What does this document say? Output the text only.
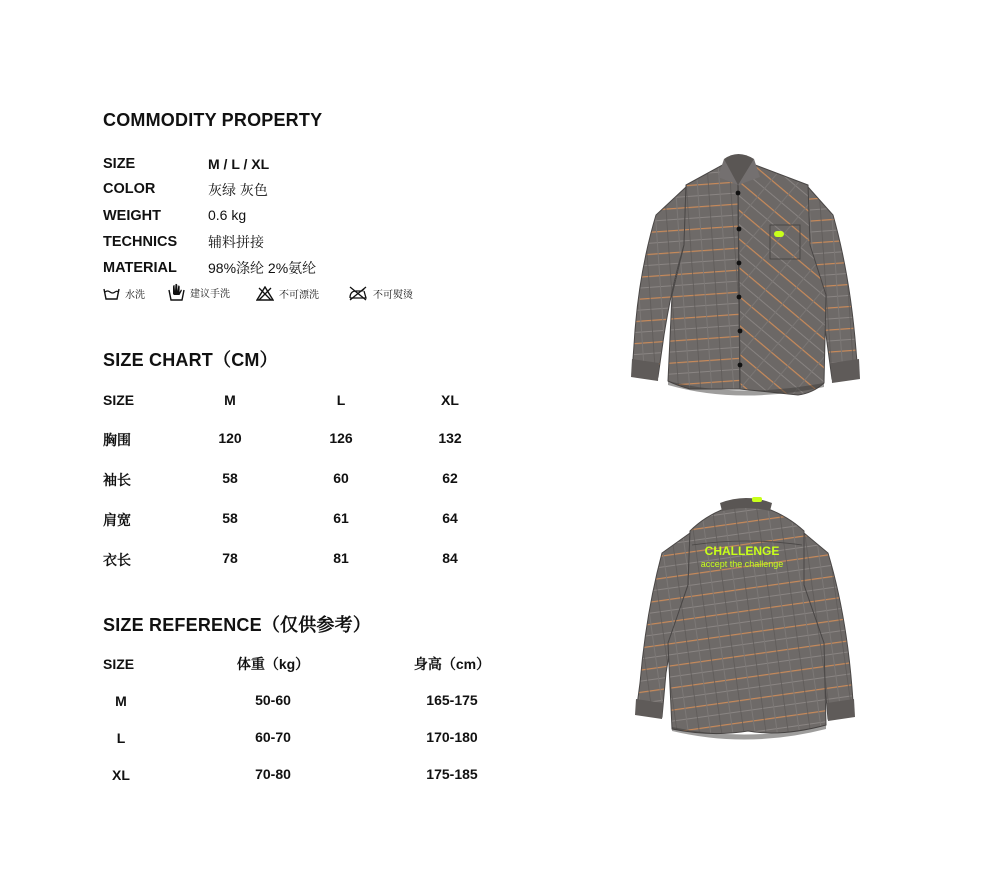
COMMODITY PROPERTY
SIZE	M / L / XL
COLOR	灰绿 灰色
WEIGHT	0.6 kg
TECHNICS 辅料拼接
MATERIAL 98%涤纶 2%氨纶
水洗	建议手洗	不可漂洗	不可熨烫
SIZE CHART（CM）
SIZE	M	L	XL
胸围	120	126	132
袖长	58	60	62
肩宽	58	61	64
衣长	78	81	84
SIZE REFERENCE（仅供参考）
SIZE	体重（kg）	身高（cm）
M	50-60	165-175
L	60-70	170-180
XL	70-80	175-185
CHALLENGE
accept the challenge
